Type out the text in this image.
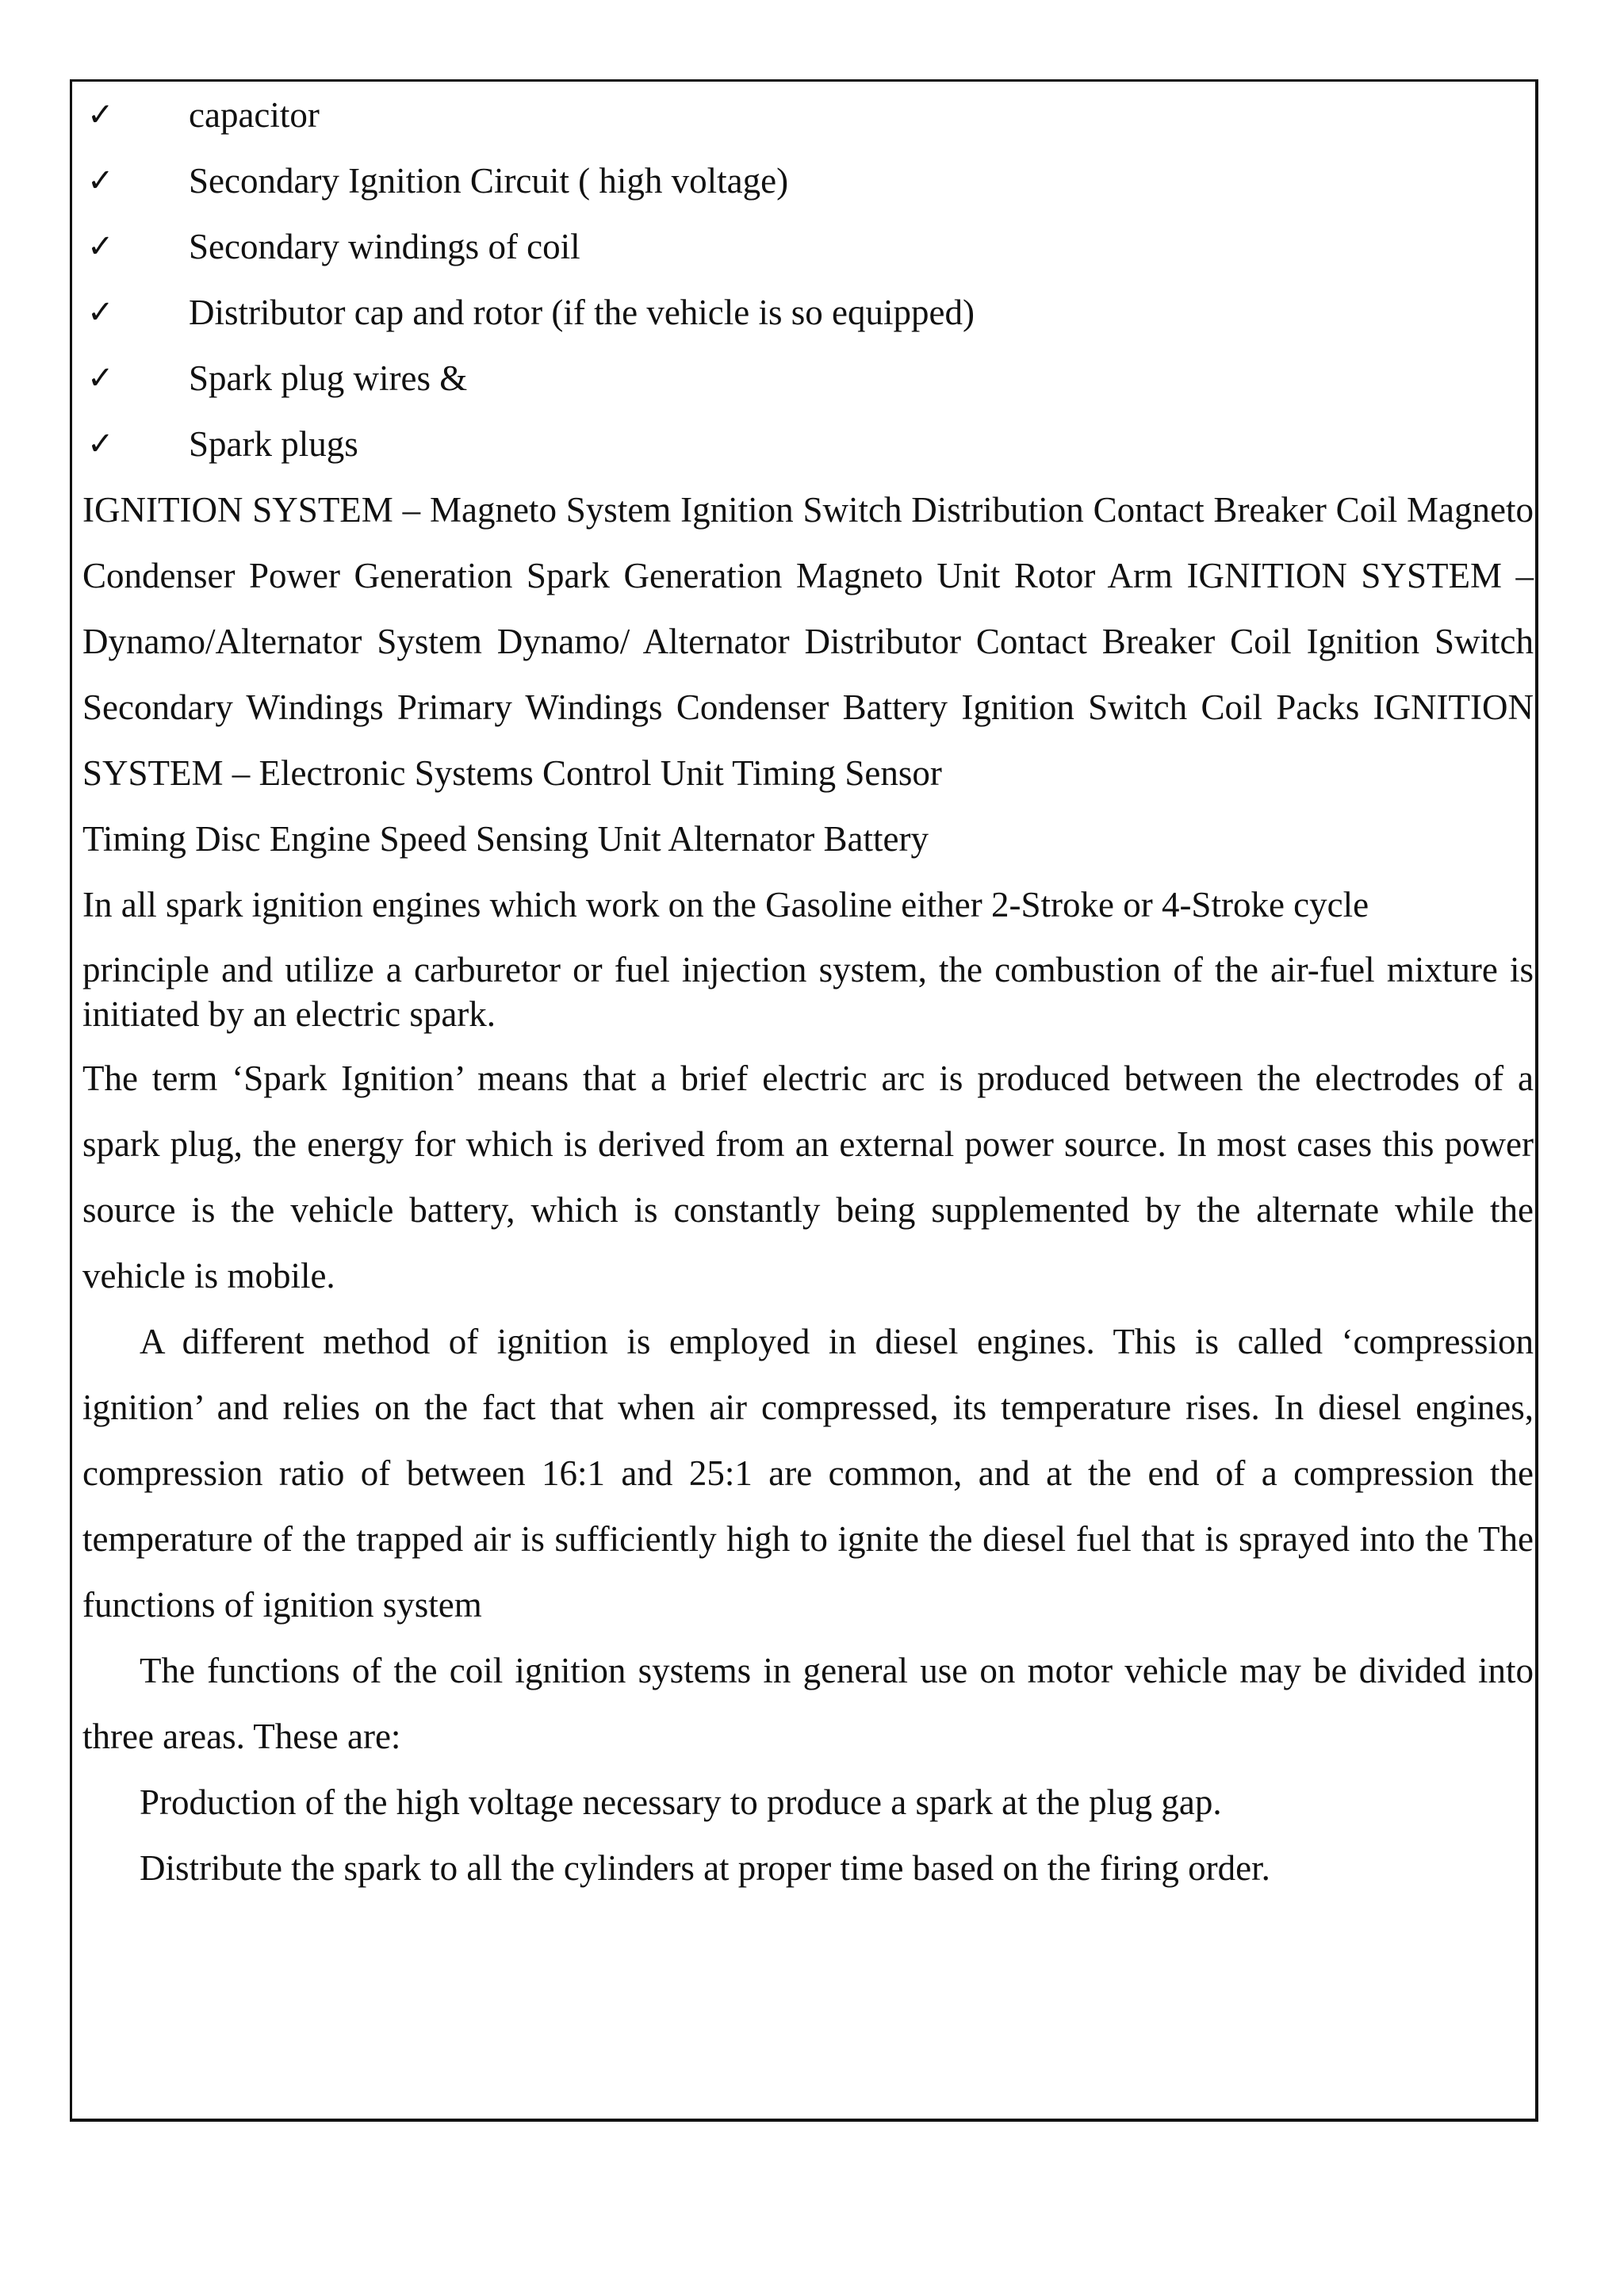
✓	capacitor
✓	Secondary Ignition Circuit ( high voltage)
✓	Secondary windings of coil
✓	Distributor cap and rotor (if the vehicle is so equipped)
✓	Spark plug wires &
✓	Spark plugs

IGNITION SYSTEM – Magneto System Ignition Switch Distribution Contact Breaker Coil Magneto Condenser Power Generation Spark Generation Magneto Unit Rotor Arm IGNITION SYSTEM – Dynamo/Alternator System Dynamo/ Alternator Distributor Contact Breaker Coil Ignition Switch Secondary Windings Primary Windings Condenser Battery Ignition Switch Coil Packs IGNITION SYSTEM – Electronic Systems Control Unit Timing Sensor

Timing Disc Engine Speed Sensing Unit Alternator Battery

In all spark ignition engines which work on the Gasoline either 2-Stroke or 4-Stroke cycle

principle and utilize a carburetor or fuel injection system, the combustion of the air-fuel mixture is initiated by an electric spark.

The term ‘Spark Ignition’ means that a brief electric arc is produced between the electrodes of a spark plug, the energy for which is derived from an external power source. In most cases this power source is the vehicle battery, which is constantly being supplemented by the alternate while the vehicle is mobile.

A different method of ignition is employed in diesel engines. This is called ‘compression ignition’ and relies on the fact that when air compressed, its temperature rises. In diesel engines, compression ratio of between 16:1 and 25:1 are common, and at the end of a compression the temperature of the trapped air is sufficiently high to ignite the diesel fuel that is sprayed into the The functions of ignition system

The functions of the coil ignition systems in general use on motor vehicle may be divided into three areas. These are:

Production of the high voltage necessary to produce a spark at the plug gap.

Distribute the spark to all the cylinders at proper time based on the firing order.
